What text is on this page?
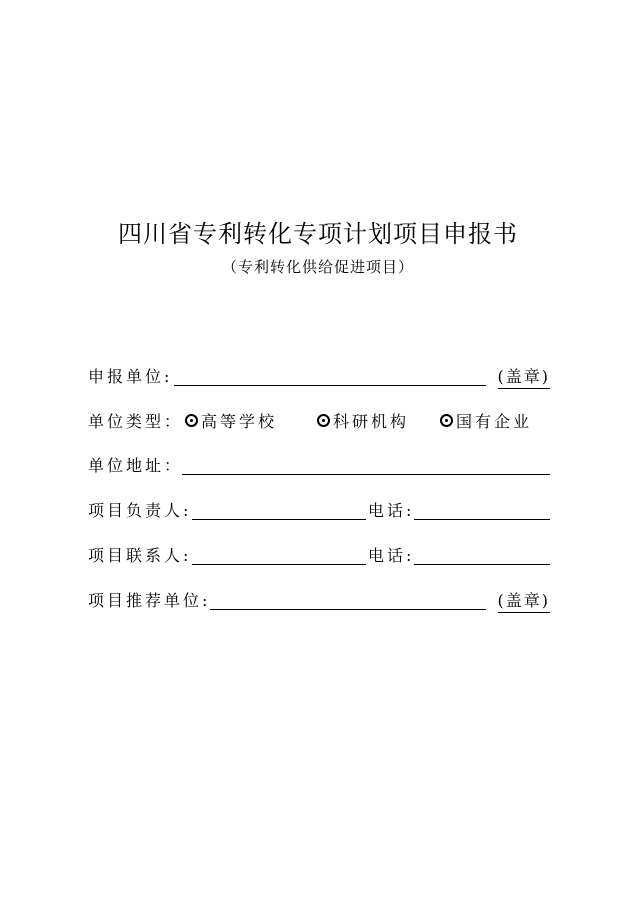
四川省专利转化专项计划项目申报书
（专利转化供给促进项目）
申报单位:	(盖章)
单位类型： 高等学校	科研机构	国有企业
单位地址：
项目负责人:	电话:
项目联系人:	电话:
项目推荐单位:	(盖章)
